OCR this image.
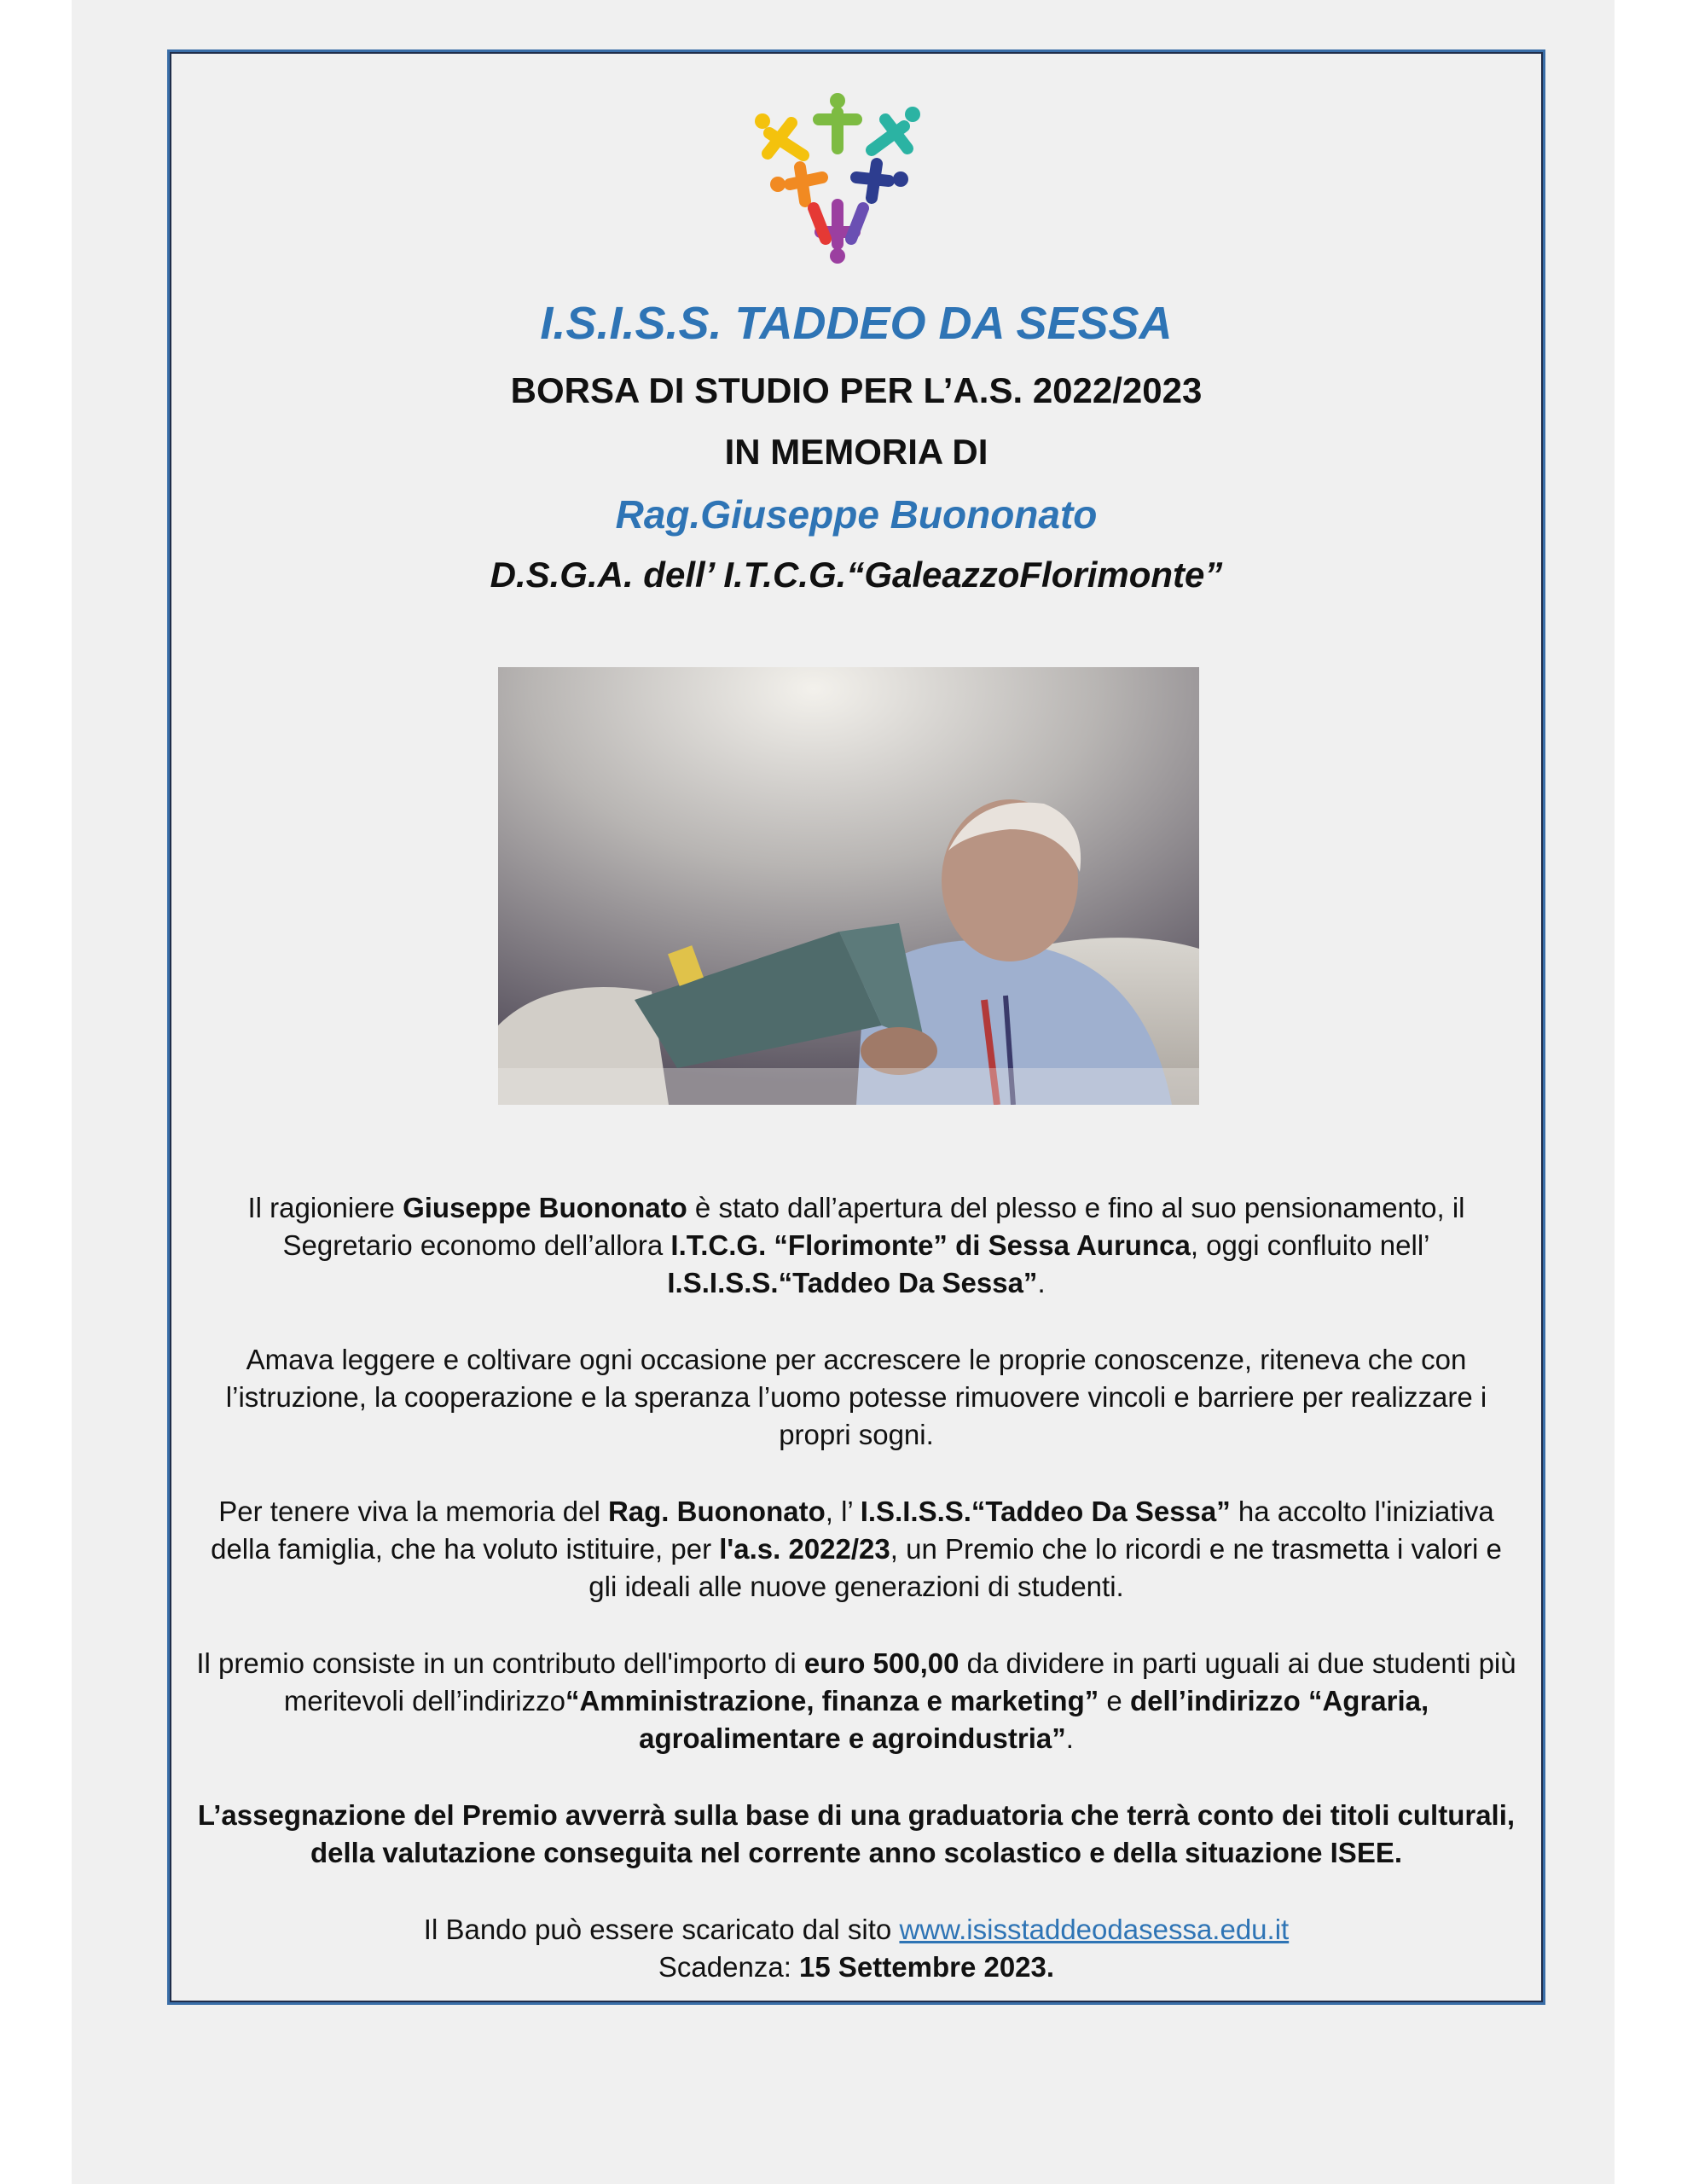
I.S.I.S.S. TADDEO DA SESSA
BORSA DI STUDIO PER L’A.S. 2022/2023
IN MEMORIA DI
Rag.Giuseppe Buononato
D.S.G.A. dell’ I.T.C.G.“GaleazzoFlorimonte”
Il ragioniere Giuseppe Buononato è stato dall’apertura del plesso e fino al suo pensionamento, il Segretario economo dell’allora I.T.C.G. “Florimonte” di Sessa Aurunca, oggi confluito nell’
I.S.I.S.S.“Taddeo Da Sessa”.
Amava leggere e coltivare ogni occasione per accrescere le proprie conoscenze, riteneva che con l’istruzione, la cooperazione e la speranza l’uomo potesse rimuovere vincoli e barriere per realizzare i propri sogni.
Per tenere viva la memoria del Rag. Buononato, l’ I.S.I.S.S.“Taddeo Da Sessa” ha accolto l'iniziativa della famiglia, che ha voluto istituire, per l'a.s. 2022/23, un Premio che lo ricordi e ne trasmetta i valori e gli ideali alle nuove generazioni di studenti.
Il premio consiste in un contributo dell'importo di euro 500,00 da dividere in parti uguali ai due studenti più meritevoli dell’indirizzo“Amministrazione, finanza e marketing” e dell’indirizzo “Agraria, agroalimentare e agroindustria”.
L’assegnazione del Premio avverrà sulla base di una graduatoria che terrà conto dei titoli culturali, della valutazione conseguita nel corrente anno scolastico e della situazione ISEE.
Il Bando può essere scaricato dal sito www.isisstaddeodasessa.edu.it
Scadenza: 15 Settembre 2023.
